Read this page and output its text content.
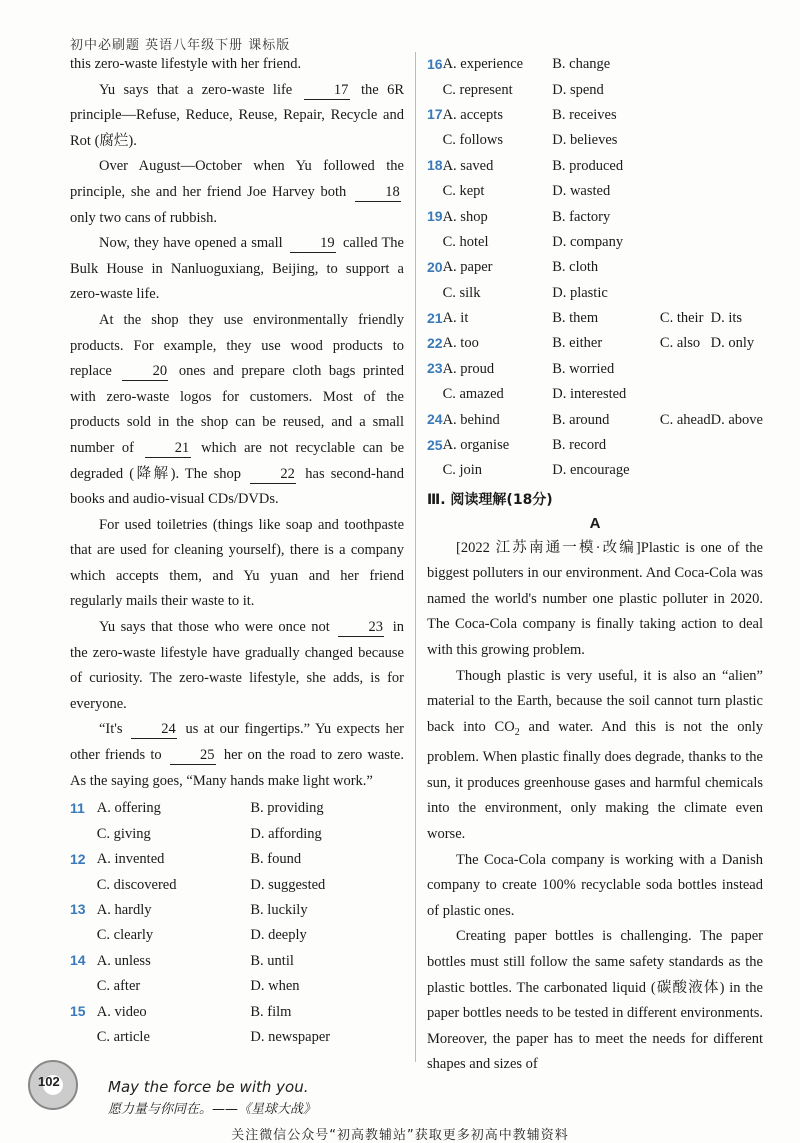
初中必刷题 英语八年级下册 课标版

this zero-waste lifestyle with her friend.

Yu says that a zero-waste life 17 the 6R principle—Refuse, Reduce, Reuse, Repair, Recycle and Rot (腐烂).

Over August—October when Yu followed the principle, she and her friend Joe Harvey both 18 only two cans of rubbish.

Now, they have opened a small 19 called The Bulk House in Nanluoguxiang, Beijing, to support a zero-waste life.

At the shop they use environmentally friendly products. For example, they use wood products to replace 20 ones and prepare cloth bags printed with zero-waste logos for customers. Most of the products sold in the shop can be reused, and a small number of 21 which are not recyclable can be degraded (降解). The shop 22 has second-hand books and audio-visual CDs/DVDs.

For used toiletries (things like soap and toothpaste that are used for cleaning yourself), there is a company which accepts them, and Yu yuan and her friend regularly mails their waste to it.

Yu says that those who were once not 23 in the zero-waste lifestyle have gradually changed because of curiosity. The zero-waste lifestyle, she adds, is for everyone.

“It's 24 us at our fingertips.” Yu expects her other friends to 25 her on the road to zero waste. As the saying goes, “Many hands make light work.”

11	A. offering	B. providing
	C. giving	D. affording
12	A. invented	B. found
	C. discovered	D. suggested
13	A. hardly	B. luckily
	C. clearly	D. deeply
14	A. unless	B. until
	C. after	D. when
15	A. video	B. film
	C. article	D. newspaper
16	A. experience	B. change		
	C. represent	D. spend		
17	A. accepts	B. receives		
	C. follows	D. believes		
18	A. saved	B. produced		
	C. kept	D. wasted		
19	A. shop	B. factory		
	C. hotel	D. company		
20	A. paper	B. cloth		
	C. silk	D. plastic		
21	A. it	B. them	C. their	D. its
22	A. too	B. either	C. also	D. only
23	A. proud	B. worried		
	C. amazed	D. interested		
24	A. behind	B. around	C. ahead	D. above
25	A. organise	B. record		
	C. join	D. encourage		
Ⅲ. 阅读理解(18分)
A

[2022 江苏南通一模·改编]Plastic is one of the biggest polluters in our environment. And Coca-Cola was named the world's number one plastic polluter in 2020. The Coca-Cola company is finally taking action to deal with this growing problem.

Though plastic is very useful, it is also an “alien” material to the Earth, because the soil cannot turn plastic back into $CO_2$ and water. And this is not the only problem. When plastic finally does degrade, thanks to the sun, it produces greenhouse gases and harmful chemicals into the environment, only making the climate even worse.

The Coca-Cola company is working with a Danish company to create 100% recyclable soda bottles instead of plastic ones.

Creating paper bottles is challenging. The paper bottles must still follow the same safety standards as the plastic bottles. The carbonated liquid (碳酸液体) in the paper bottles needs to be tested in different environments. Moreover, the paper has to meet the needs for different shapes and sizes of

102	May the force be with you.
愿力量与你同在。——《星球大战》
关注微信公众号“初高教辅站”获取更多初高中教辅资料
